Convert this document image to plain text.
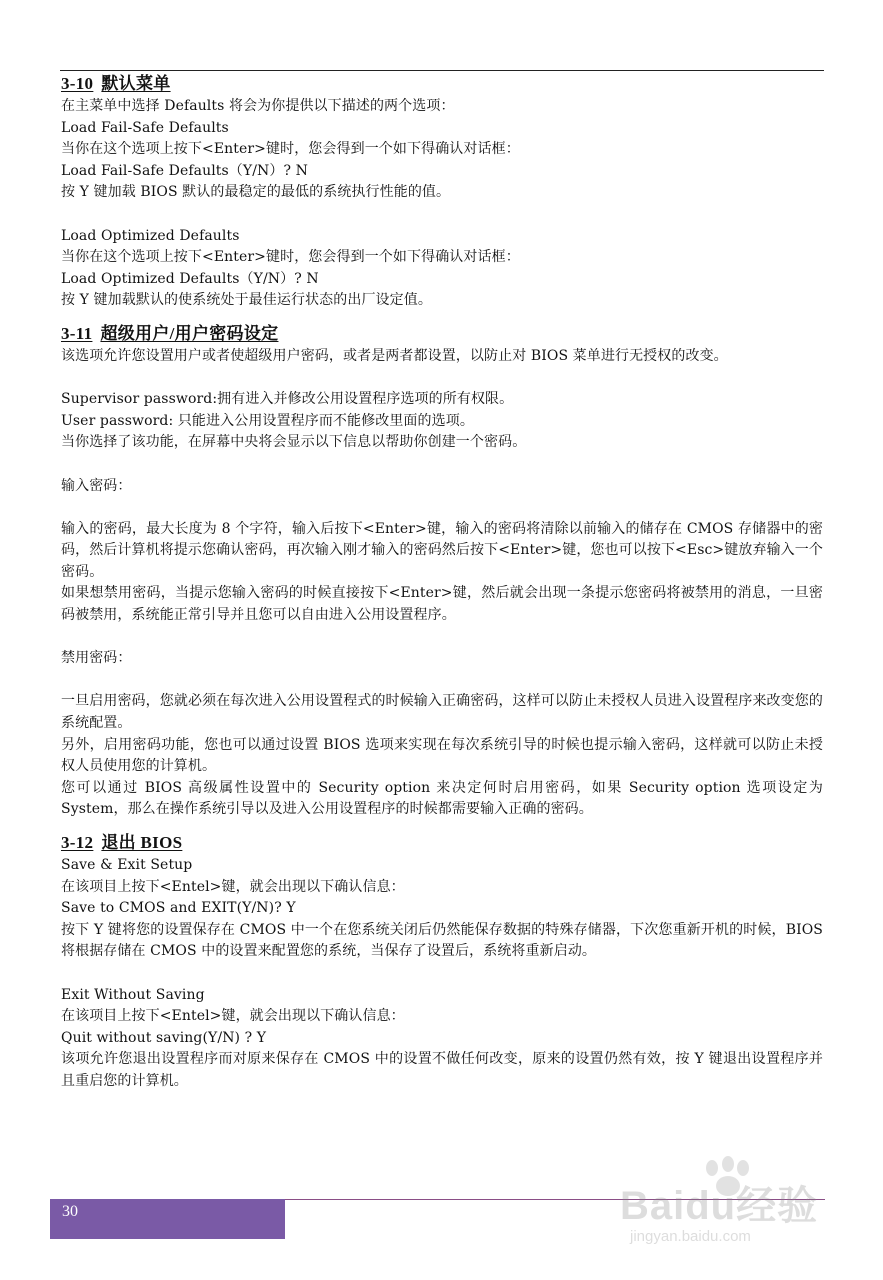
3-10 默认菜单

在主菜单中选择 Defaults 将会为你提供以下描述的两个选项：

Load Fail-Safe Defaults

当你在这个选项上按下<Enter>键时，您会得到一个如下得确认对话框：

Load Fail-Safe Defaults（Y/N）? N

按 Y 键加载 BIOS 默认的最稳定的最低的系统执行性能的值。

Load Optimized Defaults

当你在这个选项上按下<Enter>键时，您会得到一个如下得确认对话框：

Load Optimized Defaults（Y/N）? N

按 Y 键加载默认的使系统处于最佳运行状态的出厂设定值。

3-11 超级用户/用户密码设定

该选项允许您设置用户或者使超级用户密码，或者是两者都设置，以防止对 BIOS 菜单进行无授权的改变。

Supervisor password:拥有进入并修改公用设置程序选项的所有权限。

User password: 只能进入公用设置程序而不能修改里面的选项。

当你选择了该功能，在屏幕中央将会显示以下信息以帮助你创建一个密码。

输入密码：

输入的密码，最大长度为 8 个字符，输入后按下<Enter>键，输入的密码将清除以前输入的储存在 CMOS 存储器中的密码，然后计算机将提示您确认密码，再次输入刚才输入的密码然后按下<Enter>键，您也可以按下<Esc>键放弃输入一个密码。

如果想禁用密码，当提示您输入密码的时候直接按下<Enter>键，然后就会出现一条提示您密码将被禁用的消息，一旦密码被禁用，系统能正常引导并且您可以自由进入公用设置程序。

禁用密码：

一旦启用密码，您就必须在每次进入公用设置程式的时候输入正确密码，这样可以防止未授权人员进入设置程序来改变您的系统配置。

另外，启用密码功能，您也可以通过设置 BIOS 选项来实现在每次系统引导的时候也提示输入密码，这样就可以防止未授权人员使用您的计算机。

您可以通过 BIOS 高级属性设置中的 Security option 来决定何时启用密码，如果 Security option 选项设定为 System，那么在操作系统引导以及进入公用设置程序的时候都需要输入正确的密码。

3-12 退出 BIOS

Save & Exit Setup

在该项目上按下<Entel>键，就会出现以下确认信息：

Save to CMOS and EXIT(Y/N)? Y

按下 Y 键将您的设置保存在 CMOS 中一个在您系统关闭后仍然能保存数据的特殊存储器，下次您重新开机的时候，BIOS 将根据存储在 CMOS 中的设置来配置您的系统，当保存了设置后，系统将重新启动。

Exit Without Saving

在该项目上按下<Entel>键，就会出现以下确认信息：

Quit without saving(Y/N) ? Y

该项允许您退出设置程序而对原来保存在 CMOS 中的设置不做任何改变，原来的设置仍然有效，按 Y 键退出设置程序并且重启您的计算机。

30	Baidu经验
jingyan.baidu.com
